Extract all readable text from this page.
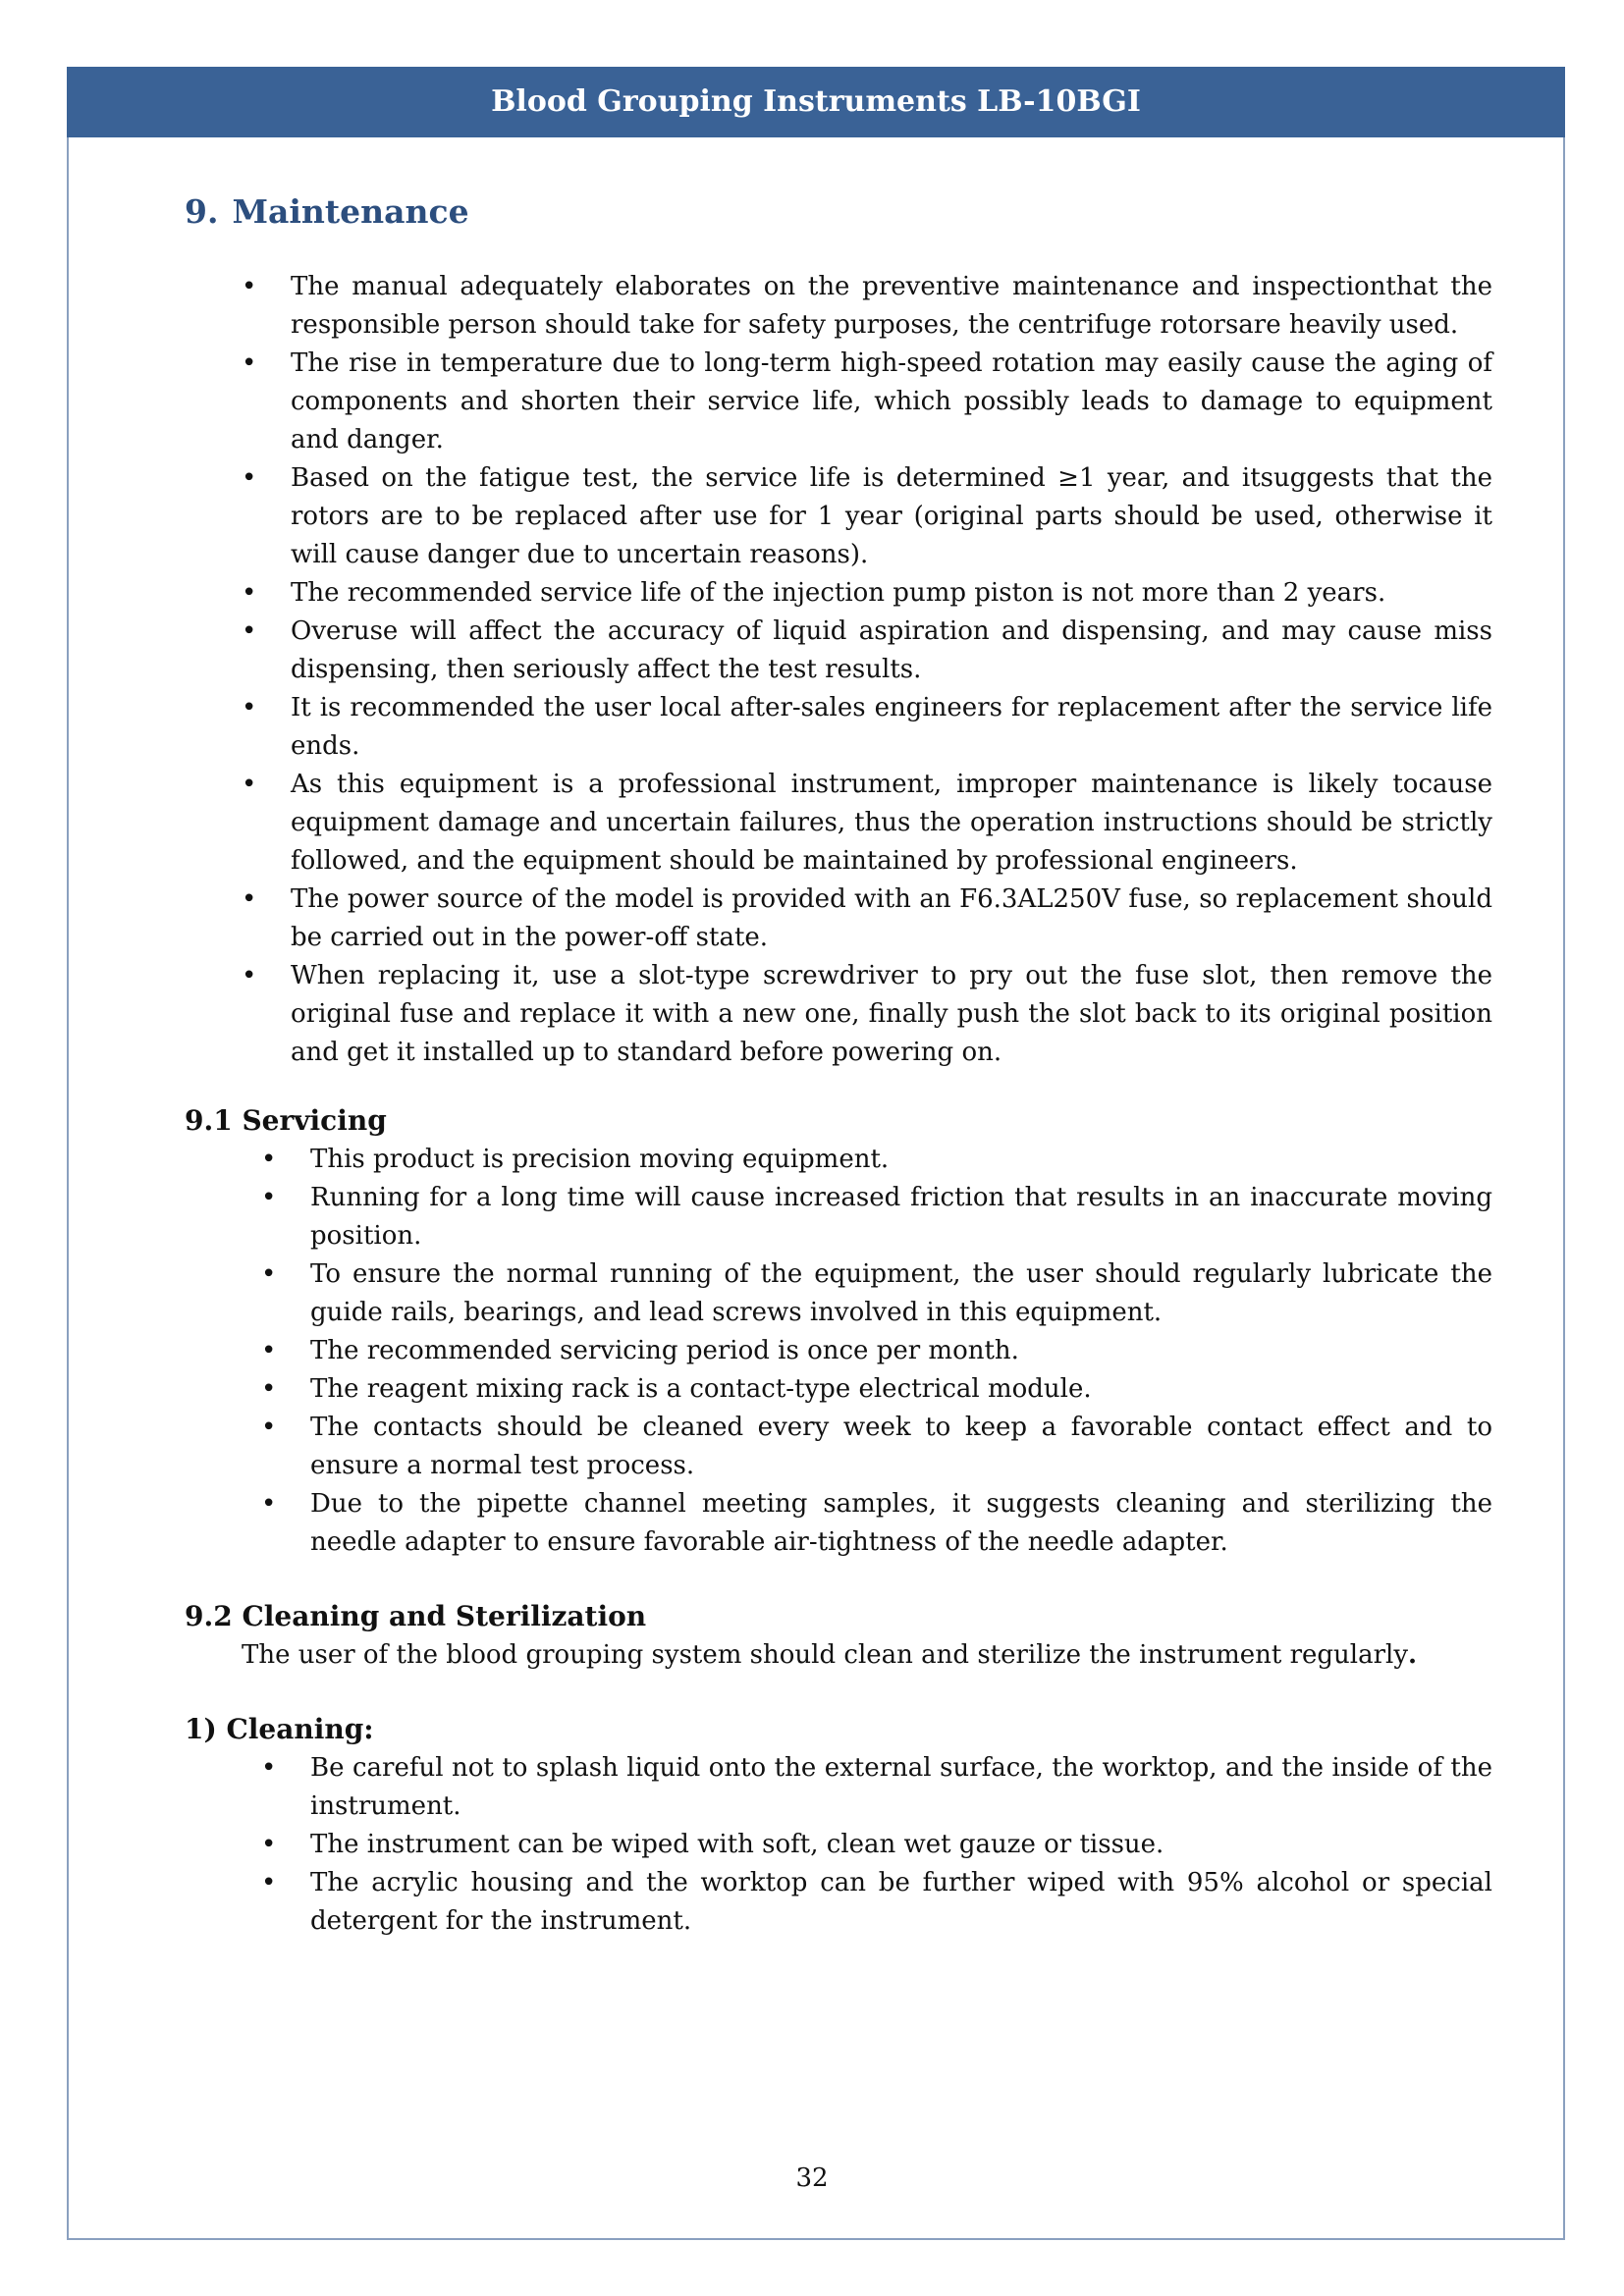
Blood Grouping Instruments LB-10BGI
9. Maintenance
• The manual adequately elaborates on the preventive maintenance and inspectionthat the responsible person should take for safety purposes, the centrifuge rotorsare heavily used.
• The rise in temperature due to long-term high-speed rotation may easily cause the aging of components and shorten their service life, which possibly leads to damage to equipment and danger.
• Based on the fatigue test, the service life is determined ≥1 year, and itsuggests that the rotors are to be replaced after use for 1 year (original parts should be used, otherwise it will cause danger due to uncertain reasons).
• The recommended service life of the injection pump piston is not more than 2 years.
• Overuse will affect the accuracy of liquid aspiration and dispensing, and may cause miss dispensing, then seriously affect the test results.
• It is recommended the user local after-sales engineers for replacement after the service life ends.
• As this equipment is a professional instrument, improper maintenance is likely tocause equipment damage and uncertain failures, thus the operation instructions should be strictly followed, and the equipment should be maintained by professional engineers.
• The power source of the model is provided with an F6.3AL250V fuse, so replacement should be carried out in the power-off state.
• When replacing it, use a slot-type screwdriver to pry out the fuse slot, then remove the original fuse and replace it with a new one, finally push the slot back to its original position and get it installed up to standard before powering on.
9.1 Servicing
• This product is precision moving equipment.
• Running for a long time will cause increased friction that results in an inaccurate moving position.
• To ensure the normal running of the equipment, the user should regularly lubricate the guide rails, bearings, and lead screws involved in this equipment.
• The recommended servicing period is once per month.
• The reagent mixing rack is a contact-type electrical module.
• The contacts should be cleaned every week to keep a favorable contact effect and to ensure a normal test process.
• Due to the pipette channel meeting samples, it suggests cleaning and sterilizing the needle adapter to ensure favorable air-tightness of the needle adapter.
9.2 Cleaning and Sterilization

The user of the blood grouping system should clean and sterilize the instrument regularly.

1) Cleaning:
• Be careful not to splash liquid onto the external surface, the worktop, and the inside of the instrument.
• The instrument can be wiped with soft, clean wet gauze or tissue.
• The acrylic housing and the worktop can be further wiped with 95% alcohol or special detergent for the instrument.
32
